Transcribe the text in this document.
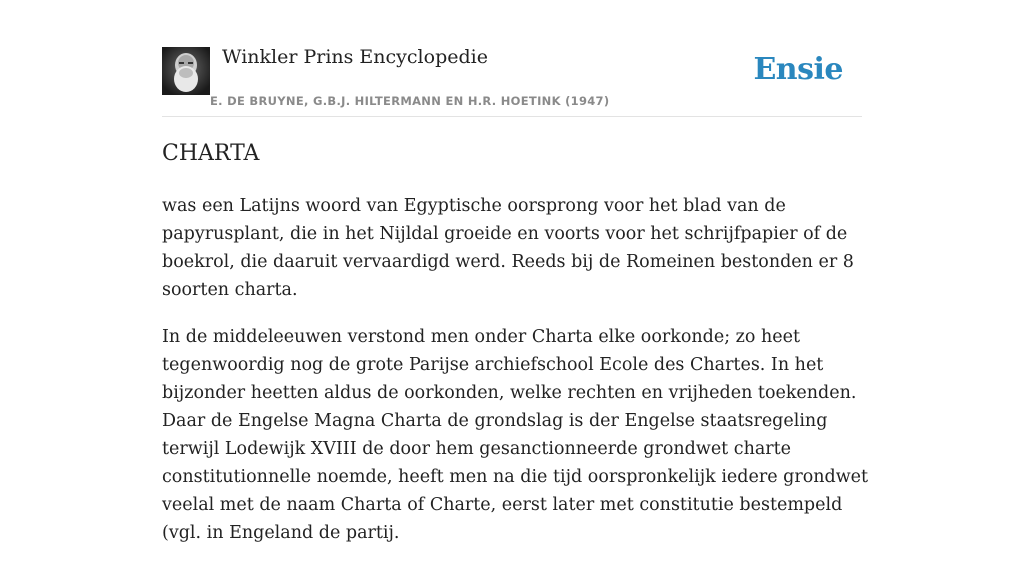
Winkler Prins Encyclopedie
E. DE BRUYNE, G.B.J. HILTERMANN EN H.R. HOETINK (1947)
Ensie
CHARTA

was een Latijns woord van Egyptische oorsprong voor het blad van de papyrusplant, die in het Nijldal groeide en voorts voor het schrijfpapier of de boekrol, die daaruit vervaardigd werd. Reeds bij de Romeinen bestonden er 8 soorten charta.

In de middeleeuwen verstond men onder Charta elke oorkonde; zo heet tegenwoordig nog de grote Parijse archiefschool Ecole des Chartes. In het bijzonder heetten aldus de oorkonden, welke rechten en vrijheden toekenden. Daar de Engelse Magna Charta de grondslag is der Engelse staatsregeling terwijl Lodewijk XVIII de door hem gesanctionneerde grondwet charte constitutionnelle noemde, heeft men na die tijd oorspronkelijk iedere grondwet veelal met de naam Charta of Charte, eerst later met constitutie bestempeld (vgl. in Engeland de partij.
